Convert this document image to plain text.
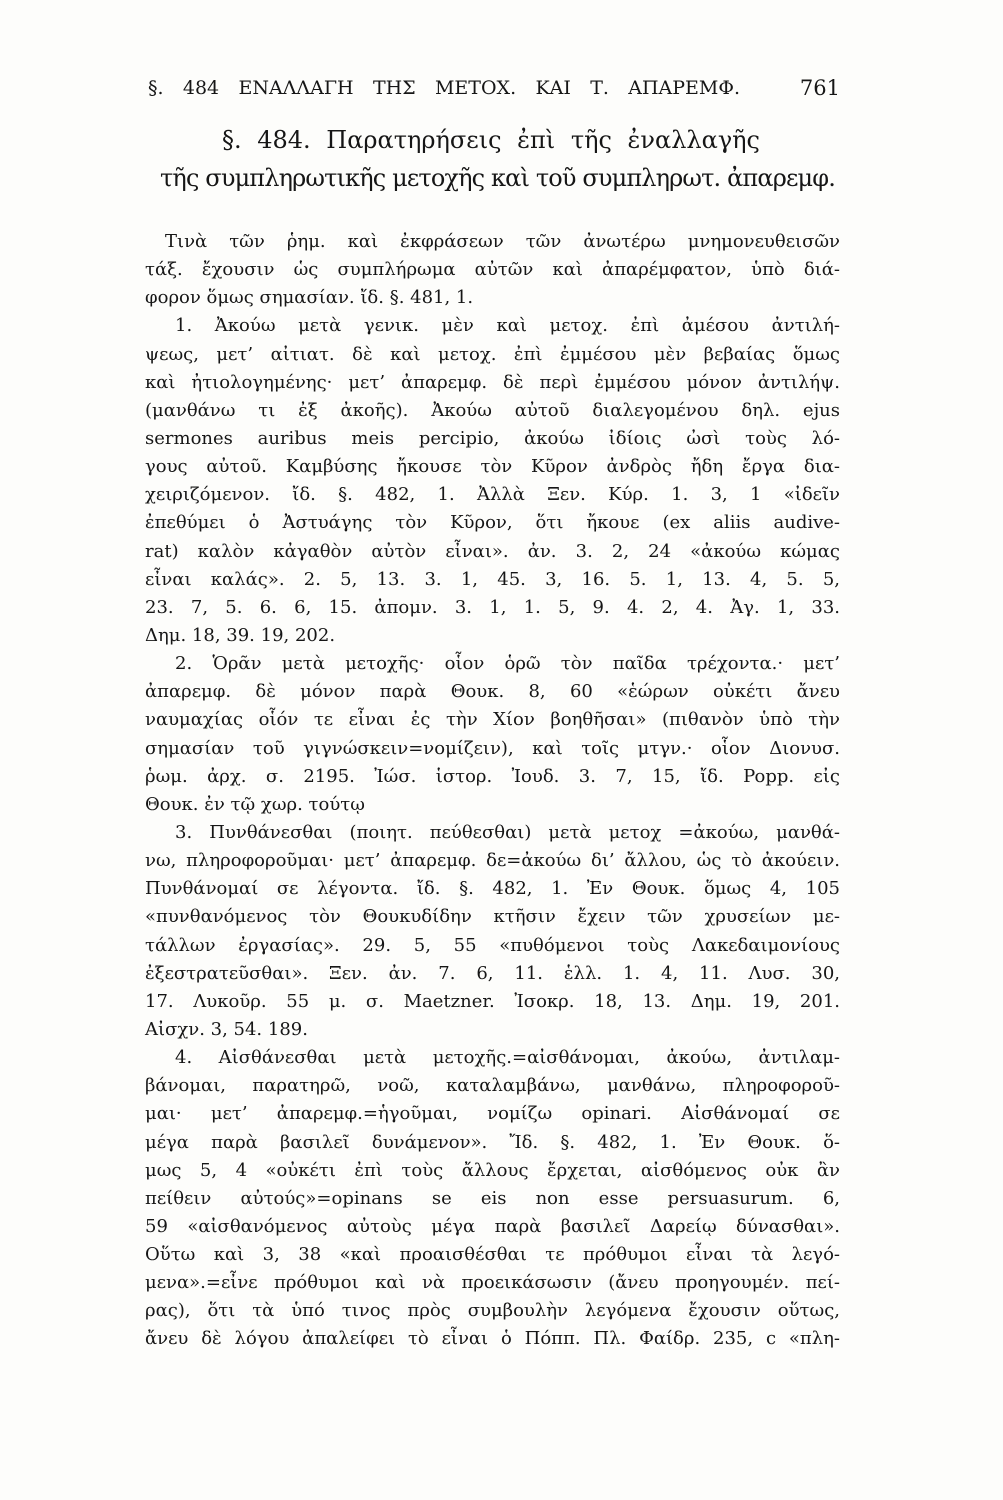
§. 484 ΕΝΑΛΛΑΓΗ ΤΗΣ ΜΕΤΟΧ. ΚΑΙ Τ. ΑΠΑΡΕΜΦ.	761
§. 484. Παρατηρήσεις ἐπὶ τῆς ἐναλλαγῆς
τῆς συμπληρωτικῆς μετοχῆς καὶ τοῦ συμπληρωτ. ἀπαρεμφ.
Τινὰ τῶν ῥημ. καὶ ἐκφράσεων τῶν ἀνωτέρω μνημονευθεισῶν
τάξ. ἔχουσιν ὡς συμπλήρωμα αὐτῶν καὶ ἀπαρέμφατον, ὑπὸ διά-
φορον ὅμως σημασίαν. ἴδ. §. 481, 1.
1. Ἀκούω μετὰ γενικ. μὲν καὶ μετοχ. ἐπὶ ἀμέσου ἀντιλή-
ψεως, μετ’ αἰτιατ. δὲ καὶ μετοχ. ἐπὶ ἐμμέσου μὲν βεβαίας ὅμως
καὶ ἠτιολογημένης· μετ’ ἀπαρεμφ. δὲ περὶ ἐμμέσου μόνον ἀντιλήψ.
(μανθάνω τι ἐξ ἀκοῆς). Ἀκούω αὐτοῦ διαλεγομένου δηλ. ejus
sermones auribus meis percipio, ἀκούω ἰδίοις ὠσὶ τοὺς λό-
γους αὐτοῦ. Καμβύσης ἤκουσε τὸν Κῦρον ἀνδρὸς ἤδη ἔργα δια-
χειριζόμενον. ἴδ. §. 482, 1. Ἀλλὰ Ξεν. Κύρ. 1. 3, 1 «ἰδεῖν
ἐπεθύμει ὁ Ἀστυάγης τὸν Κῦρον, ὅτι ἤκουε (ex aliis audive-
rat) καλὸν κἀγαθὸν αὐτὸν εἶναι». ἀν. 3. 2, 24 «ἀκούω κώμας
εἶναι καλάς». 2. 5, 13. 3. 1, 45. 3, 16. 5. 1, 13. 4, 5. 5,
23. 7, 5. 6. 6, 15. ἀπομν. 3. 1, 1. 5, 9. 4. 2, 4. Ἀγ. 1, 33.
Δημ. 18, 39. 19, 202.
2. Ὁρᾶν μετὰ μετοχῆς· οἷον ὁρῶ τὸν παῖδα τρέχοντα.· μετ’
ἀπαρεμφ. δὲ μόνον παρὰ Θουκ. 8, 60 «ἑώρων οὐκέτι ἄνευ
ναυμαχίας οἷόν τε εἶναι ἐς τὴν Χίον βοηθῆσαι» (πιθανὸν ὑπὸ τὴν
σημασίαν τοῦ γιγνώσκειν=νομίζειν), καὶ τοῖς μτγν.· οἷον Διονυσ.
ῥωμ. ἀρχ. σ. 2195. Ἰώσ. ἱστορ. Ἰουδ. 3. 7, 15, ἴδ. Popp. εἰς
Θουκ. ἐν τῷ χωρ. τούτῳ
3. Πυνθάνεσθαι (ποιητ. πεύθεσθαι) μετὰ μετοχ =ἀκούω, μανθά-
νω, πληροφοροῦμαι· μετ’ ἀπαρεμφ. δε=ἀκούω δι’ ἄλλου, ὡς τὸ ἀκούειν.
Πυνθάνομαί σε λέγοντα. ἴδ. §. 482, 1. Ἐν Θουκ. ὅμως 4, 105
«πυνθανόμενος τὸν Θουκυδίδην κτῆσιν ἔχειν τῶν χρυσείων με-
τάλλων ἐργασίας». 29. 5, 55 «πυθόμενοι τοὺς Λακεδαιμονίους
ἐξεστρατεῦσθαι». Ξεν. ἀν. 7. 6, 11. ἑλλ. 1. 4, 11. Λυσ. 30,
17. Λυκοῦρ. 55 μ. σ. Maetzner. Ἰσοκρ. 18, 13. Δημ. 19, 201.
Αἰσχν. 3, 54. 189.
4. Αἰσθάνεσθαι μετὰ μετοχῆς.=αἰσθάνομαι, ἀκούω, ἀντιλαμ-
βάνομαι, παρατηρῶ, νοῶ, καταλαμβάνω, μανθάνω, πληροφοροῦ-
μαι· μετ’ ἀπαρεμφ.=ἡγοῦμαι, νομίζω opinari. Αἰσθάνομαί σε
μέγα παρὰ βασιλεῖ δυνάμενον». Ἴδ. §. 482, 1. Ἐν Θουκ. ὅ-
μως 5, 4 «οὐκέτι ἐπὶ τοὺς ἄλλους ἔρχεται, αἰσθόμενος οὐκ ἂν
πείθειν αὐτούς»=opinans se eis non esse persuasurum. 6,
59 «αἰσθανόμενος αὐτοὺς μέγα παρὰ βασιλεῖ Δαρείῳ δύνασθαι».
Οὕτω καὶ 3, 38 «καὶ προαισθέσθαι τε πρόθυμοι εἶναι τὰ λεγό-
μενα».=εἶνε πρόθυμοι καὶ νὰ προεικάσωσιν (ἄνευ προηγουμέν. πεί-
ρας), ὅτι τὰ ὑπό τινος πρὸς συμβουλὴν λεγόμενα ἔχουσιν οὕτως,
ἄνευ δὲ λόγου ἀπαλείφει τὸ εἶναι ὁ Πόππ. Πλ. Φαίδρ. 235, c «πλη-
